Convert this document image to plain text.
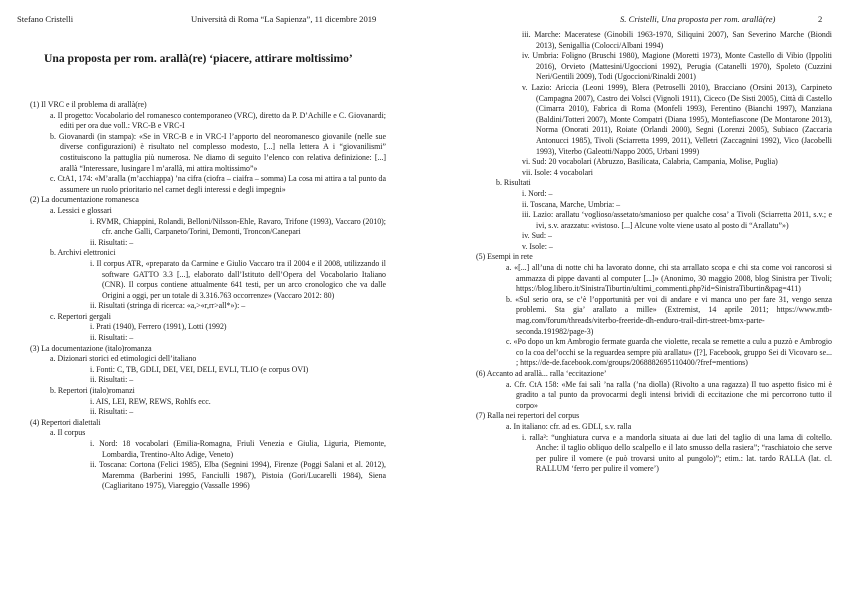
Stefano Cristelli	Università di Roma “La Sapienza”, 11 dicembre 2019	S. Cristelli, Una proposta per rom. arallà(re)	2
Una proposta per rom. arallà(re) ‘piacere, attirare moltissimo’

(1) Il VRC e il problema di arallà(re)

a. Il progetto: Vocabolario del romanesco contemporaneo (VRC), diretto da P. D’Achille e C. Giovanardi; editi per ora due voll.: VRC-B e VRC-I

b. Giovanardi (in stampa): «Se in VRC-B e in VRC-I l’apporto del neoromanesco giovanile (nelle sue diverse configurazioni) è risultato nel complesso modesto, [...] nella lettera A i “giovanilismi” costituiscono la pattuglia più numerosa. Ne diamo di seguito l’elenco con relativa definizione: [...] arallà “Interessare, lusingare l m’arallà, mi attira moltissimo”»

c. CtA1, 174: «M’aralla (m’acchiappa) ’na cifra (ciofra – ciaifra – somma) La cosa mi attira a tal punto da assumere un ruolo prioritario nel carnet degli interessi e degli impegni»

(2) La documentazione romanesca

a. Lessici e glossari

i. RVMR, Chiappini, Rolandi, Belloni/Nilsson-Ehle, Ravaro, Trifone (1993), Vaccaro (2010); cfr. anche Galli, Carpaneto/Torini, Demonti, Troncon/Canepari

ii. Risultati: –

b. Archivi elettronici

i. Il corpus ATR, «preparato da Carmine e Giulio Vaccaro tra il 2004 e il 2008, utilizzando il software GATTO 3.3 [...], elaborato dall’Istituto dell’Opera del Vocabolario Italiano (CNR). Il corpus contiene attualmente 641 testi, per un arco cronologico che va dalle Origini a oggi, per un totale di 3.316.763 occorrenze» (Vaccaro 2012: 80)

ii. Risultati (stringa di ricerca: «a,>«r,rr>all*»): –

c. Repertori gergali

i. Prati (1940), Ferrero (1991), Lotti (1992)

ii. Risultati: –

(3) La documentazione (italo)romanza

a. Dizionari storici ed etimologici dell’italiano

i. Fonti: C, TB, GDLI, DEI, VEI, DELI, EVLI, TLIO (e corpus OVI)

ii. Risultati: –

b. Repertori (italo)romanzi

i. AIS, LEI, REW, REWS, Rohlfs ecc.

ii. Risultati: –

(4) Repertori dialettali

a. Il corpus

i. Nord: 18 vocabolari (Emilia-Romagna, Friuli Venezia e Giulia, Liguria, Piemonte, Lombardia, Trentino-Alto Adige, Veneto)

ii. Toscana: Cortona (Felici 1985), Elba (Segnini 1994), Firenze (Poggi Salani et al. 2012), Maremma (Barberini 1995, Fanciulli 1987), Pistoia (Gori/Lucarelli 1984), Siena (Cagliaritano 1975), Viareggio (Vassalle 1996)

iii. Marche: Maceratese (Ginobili 1963-1970, Siliquini 2007), San Severino Marche (Biondi 2013), Senigallia (Colocci/Albani 1994)

iv. Umbria: Foligno (Bruschi 1980), Magione (Moretti 1973), Monte Castello di Vibio (Ippoliti 2016), Orvieto (Mattesini/Ugoccioni 1992), Perugia (Catanelli 1970), Spoleto (Cuzzini Neri/Gentili 2009), Todi (Ugoccioni/Rinaldi 2001)

v. Lazio: Ariccia (Leoni 1999), Blera (Petroselli 2010), Bracciano (Orsini 2013), Carpineto (Campagna 2007), Castro dei Volsci (Vignoli 1911), Ciceco (De Sisti 2005), Città di Castello (Cimarra 2010), Fabrica di Roma (Monfeli 1993), Ferentino (Bianchi 1997), Manziana (Baldini/Totteri 2007), Monte Compatri (Diana 1995), Montefiascone (De Montarone 2013), Norma (Onorati 2011), Roiate (Orlandi 2000), Segni (Lorenzi 2005), Subiaco (Zaccaria Antonucci 1985), Tivoli (Sciarretta 1999, 2011), Velletri (Zaccagnini 1992), Vico (Jacobelli 1993), Viterbo (Galeotti/Nappo 2005, Urbani 1999)

vi. Sud: 20 vocabolari (Abruzzo, Basilicata, Calabria, Campania, Molise, Puglia)

vii. Isole: 4 vocabolari

b. Risultati

i. Nord: –

ii. Toscana, Marche, Umbria: –

iii. Lazio: arallatu ‘voglioso/assetato/smanioso per qualche cosa’ a Tivoli (Sciarretta 2011, s.v.; e ivi, s.v. arazzatu: «vistoso. [...] Alcune volte viene usato al posto di “Arallatu”»)

iv. Sud: –

v. Isole: –

(5) Esempi in rete

a. «[...] all’una di notte chi ha lavorato donne, chi sta arrallato scopa e chi sta come voi rancorosi si ammazza di pippe davanti al computer [...]» (Anonimo, 30 maggio 2008, blog Sinistra per Tivoli; https://blog.libero.it/SinistraTiburtin/ultimi_commenti.php?id=SinistraTiburtin&pag=411)

b. «Sul serio ora, se c’è l’opportunità per voi di andare e vi manca uno per fare 31, vengo senza problemi. Sta gia’ arallato a mille» (Extremist, 14 aprile 2011; https://www.mtb-mag.com/forum/threads/viterbo-freeride-dh-enduro-trail-dirt-street-bmx-parte-seconda.191982/page-3)

c. «Po dopo un km Ambrogio fermate guarda che violette, recala se remette a culu a puzzò e Ambrogio co la coa del’occhi se la reguardea sempre più arallatu» ([?], Facebook, gruppo Sei di Vicovaro se... ; https://de-de.facebook.com/groups/2068882695110400/?fref=mentions)

(6) Accanto ad arallà... ralla ‘eccitazione’

a. Cfr. CtA 158: «Me fai salì ’na ralla (’na diolla) (Rivolto a una ragazza) Il tuo aspetto fisico mi è gradito a tal punto da provocarmi degli intensi brividi di eccitazione che mi percorrono tutto il corpo»

(7) Ralla nei repertori del corpus

a. In italiano: cfr. ad es. GDLI, s.v. ralla

i. ralla²: “unghiatura curva e a mandorla situata ai due lati del taglio di una lama di coltello. Anche: il taglio obliquo dello scalpello e il lato smusso della rasiera”; “raschiatoio che serve per pulire il vomere (e può trovarsi unito al pungolo)”; etim.: lat. tardo RALLA (lat. cl. RALLUM ‘ferro per pulire il vomere’)
